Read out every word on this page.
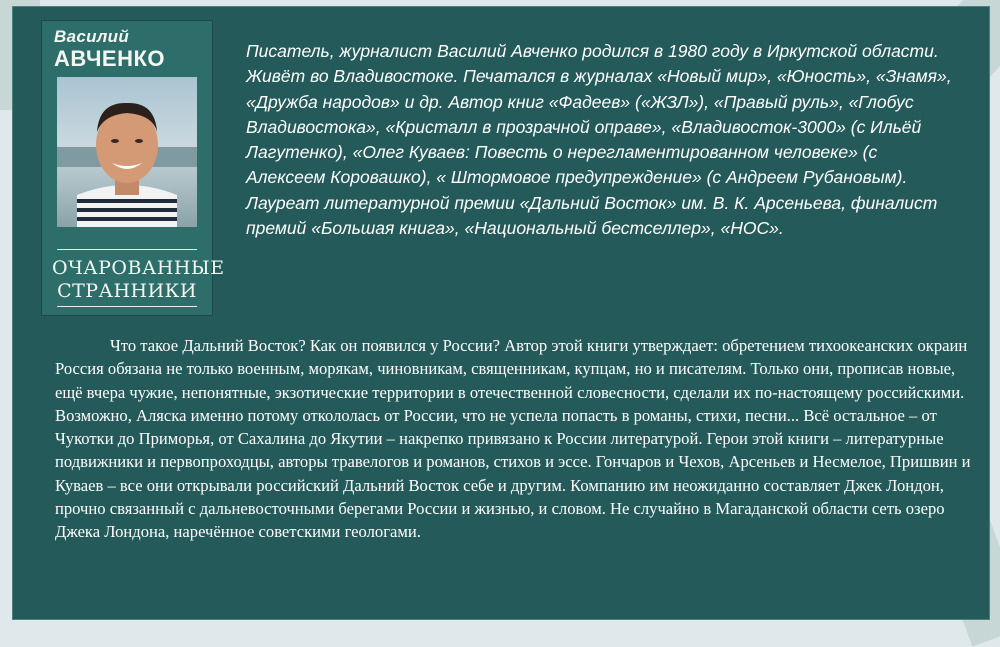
Василий
АВЧЕНКО
ОЧАРОВАННЫЕ
СТРАННИКИ
Писатель, журналист Василий Авченко родился в 1980 году в Иркутской области. Живёт во Владивостоке. Печатался в журналах «Новый мир», «Юность», «Знамя», «Дружба народов» и др. Автор книг «Фадеев» («ЖЗЛ»), «Правый руль», «Глобус Владивостока», «Кристалл в прозрачной оправе», «Владивосток-3000» (с Ильёй Лагутенко), «Олег Куваев: Повесть о нерегламентированном человеке» (с Алексеем Коровашко), « Штормовое предупреждение» (с Андреем Рубановым). Лауреат литературной премии «Дальний Восток» им. В. К. Арсеньева, финалист премий «Большая книга», «Национальный бестселлер», «НОС».
Что такое Дальний Восток? Как он появился у России? Автор этой книги утверждает: обретением тихоокеанских окраин Россия обязана не только военным, морякам, чиновникам, священникам, купцам, но и писателям. Только они, прописав новые, ещё вчера чужие, непонятные, экзотические территории в отечественной словесности, сделали их по-настоящему российскими. Возможно, Аляска именно потому откололась от России, что не успела попасть в романы, стихи, песни... Всё остальное – от Чукотки до Приморья, от Сахалина до Якутии – накрепко привязано к России литературой. Герои этой книги – литературные подвижники и первопроходцы, авторы травелогов и романов, стихов и эссе. Гончаров и Чехов, Арсеньев и Несмелое, Пришвин и Куваев – все они открывали российский Дальний Восток себе и другим. Компанию им неожиданно составляет Джек Лондон, прочно связанный с дальневосточными берегами России и жизнью, и словом. Не случайно в Магаданской области сеть озеро Джека Лондона, наречённое советскими геологами.
